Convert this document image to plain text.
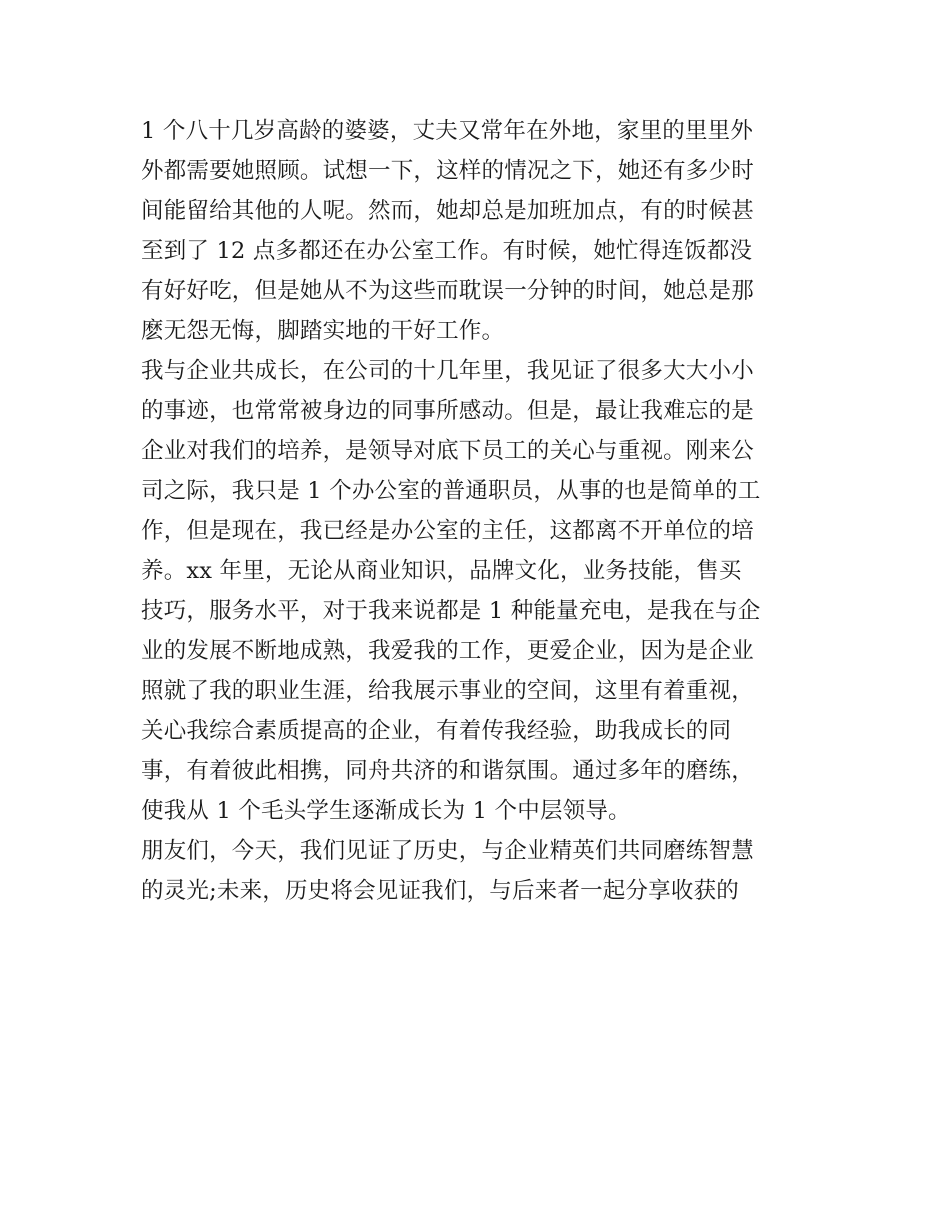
1 个八十几岁高龄的婆婆，丈夫又常年在外地，家里的里里外
外都需要她照顾。试想一下，这样的情况之下，她还有多少时
间能留给其他的人呢。然而，她却总是加班加点，有的时候甚
至到了 12 点多都还在办公室工作。有时候，她忙得连饭都没
有好好吃，但是她从不为这些而耽误一分钟的时间，她总是那
麽无怨无悔，脚踏实地的干好工作。
我与企业共成长，在公司的十几年里，我见证了很多大大小小
的事迹，也常常被身边的同事所感动。但是，最让我难忘的是
企业对我们的培养，是领导对底下员工的关心与重视。刚来公
司之际，我只是 1 个办公室的普通职员，从事的也是简单的工
作，但是现在，我已经是办公室的主任，这都离不开单位的培
养。xx 年里，无论从商业知识，品牌文化，业务技能，售买
技巧，服务水平，对于我来说都是 1 种能量充电，是我在与企
业的发展不断地成熟，我爱我的工作，更爱企业，因为是企业
照就了我的职业生涯，给我展示事业的空间，这里有着重视，
关心我综合素质提高的企业，有着传我经验，助我成长的同
事，有着彼此相携，同舟共济的和谐氛围。通过多年的磨练，
使我从 1 个毛头学生逐渐成长为 1 个中层领导。
朋友们，今天，我们见证了历史，与企业精英们共同磨练智慧
的灵光;未来，历史将会见证我们，与后来者一起分享收获的
